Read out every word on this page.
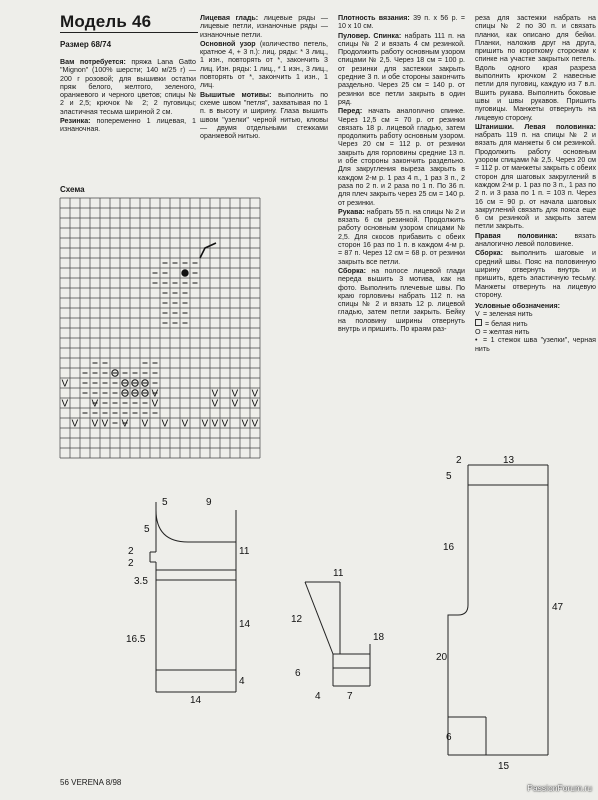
Модель 46
Размер 68/74

Вам потребуется: пряжа Lana Gatto "Mignon" (100% шерсти; 140 м/25 г) — 200 г розовой; для вышивки остатки пряж белого, желтого, зеленого, оранжевого и черного цветов; спицы № 2 и 2,5; крючок № 2; 2 пуговицы; эластичная тесьма шириной 2 см.

Резинка: попеременно 1 лицевая, 1 изнаночная.

Лицевая гладь: лицевые ряды — лицевые петли, изнаночные ряды — изнаночные петли.

Основной узор (количество петель, кратное 4, + 3 п.): лиц. ряды: * 3 лиц., 1 изн., повторять от *, закончить 3 лиц. Изн. ряды: 1 лиц., * 1 изн., 3 лиц., повторять от *, закончить 1 изн., 1 лиц.

Вышитые мотивы: выполнить по схеме швом "петля", захватывая по 1 п. в высоту и ширину. Глаза вышить швом "узелки" черной нитью, клювы — двумя отдельными стежками оранжевой нитью.

Плотность вязания: 39 п. х 56 р. = 10 х 10 см.

Пуловер. Спинка: набрать 111 п. на спицы № 2 и вязать 4 см резинкой. Продолжить работу основным узором спицами № 2,5. Через 18 см = 100 р. от резинки для застежки закрыть средние 3 п. и обе стороны закончить раздельно. Через 25 см = 140 р. от резинки все петли закрыть в один ряд.

Перед: начать аналогично спинке. Через 12,5 см = 70 р. от резинки связать 18 р. лицевой гладью, затем продолжить работу основным узором. Через 20 см = 112 р. от резинки закрыть для горловины средние 13 п. и обе стороны закончить раздельно. Для закругления выреза закрыть в каждом 2-м р. 1 раз 4 п., 1 раз 3 п., 2 раза по 2 п. и 2 раза по 1 п. По 36 п. для плеч закрыть через 25 см = 140 р. от резинки.

Рукава: набрать 55 п. на спицы № 2 и вязать 6 см резинкой. Продолжить работу основным узором спицами № 2,5. Для скосов прибавить с обеих сторон 16 раз по 1 п. в каждом 4-м р. = 87 п. Через 12 см = 68 р. от резинки закрыть все петли.

Сборка: на полосе лицевой глади переда вышить 3 мотива, как на фото. Выполнить плечевые швы. По краю горловины набрать 112 п. на спицы № 2 и вязать 12 р. лицевой гладью, затем петли закрыть. Бейку на половину ширины отвернуть внутрь и пришить. По краям раз-

реза для застежки набрать на спицы № 2 по 30 п. и связать планки, как описано для бейки. Планки, наложив друг на друга, пришить по короткому сторонам к спинке на участке закрытых петель. Вдоль одного края разреза выполнить крючком 2 навесные петли для пуговиц, каждую из 7 в.п. Вшить рукава. Выполнить боковые швы и швы рукавов. Пришить пуговицы. Манжеты отвернуть на лицевую сторону.

Штанишки. Левая половинка: набрать 119 п. на спицы № 2 и вязать для манжеты 6 см резинкой. Продолжить работу основным узором спицами № 2,5. Через 20 см = 112 р. от манжеты закрыть с обеих сторон для шаговых закруглений в каждом 2-м р. 1 раз по 3 п., 1 раз по 2 п. и 3 раза по 1 п. = 103 п. Через 16 см = 90 р. от начала шаговых закруглений связать для пояса еще 6 см резинкой и закрыть затем петли закрыть.

Правая половинка: вязать аналогично левой половинке.

Сборка: выполнить шаговые и средний швы. Пояс на половинную ширину отвернуть внутрь и пришить, вдеть эластичную тесьму. Манжеты отвернуть на лицевую сторону.

Условные обозначения:
V = зеленая нить
= белая нить
O = желтая нить
• = 1 стежок шва "узелки", черная нить
Схема
V
V	V V V
V V	V	V V V
V V V V V V V V V V V V
5	9
5
2
2
11
3.5
16.5
14
4
14
11
12
18
6
4	7
2	13
5
16
47
20
6
15
56 VERENA 8/98
PassionForum.ru
